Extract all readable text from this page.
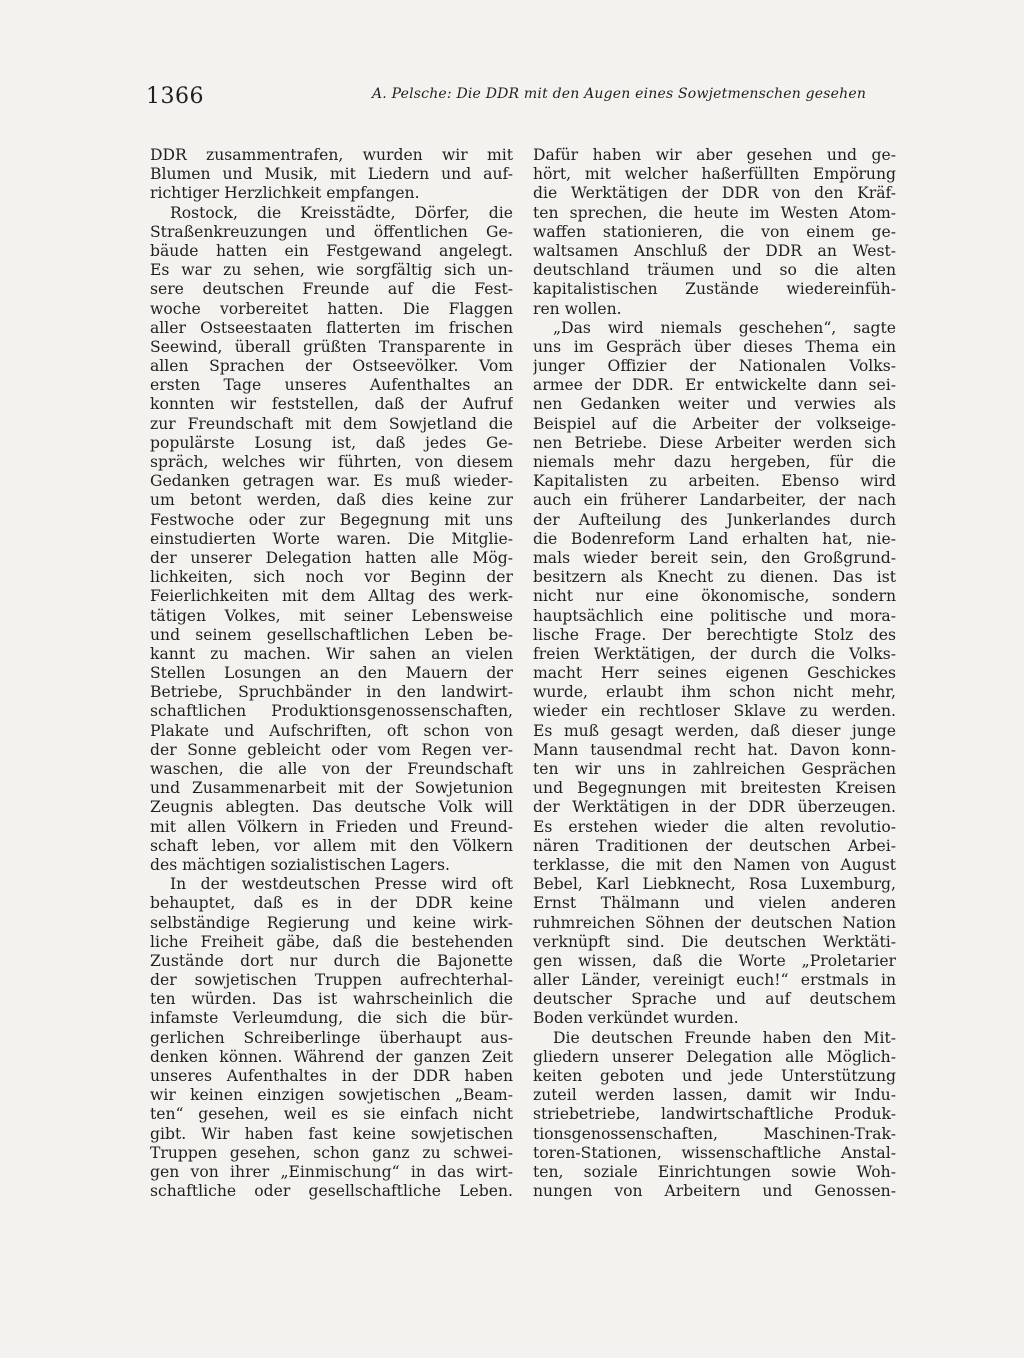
1366	A. Pelsche: Die DDR mit den Augen eines Sowjetmenschen gesehen
DDR zusammentrafen, wurden wir mit
Blumen und Musik, mit Liedern und auf-
richtiger Herzlichkeit empfangen.
Rostock, die Kreisstädte, Dörfer, die
Straßenkreuzungen und öffentlichen Ge-
bäude hatten ein Festgewand angelegt.
Es war zu sehen, wie sorgfältig sich un-
sere deutschen Freunde auf die Fest-
woche vorbereitet hatten. Die Flaggen
aller Ostseestaaten flatterten im frischen
Seewind, überall grüßten Transparente in
allen Sprachen der Ostseevölker. Vom
ersten Tage unseres Aufenthaltes an
konnten wir feststellen, daß der Aufruf
zur Freundschaft mit dem Sowjetland die
populärste Losung ist, daß jedes Ge-
spräch, welches wir führten, von diesem
Gedanken getragen war. Es muß wieder-
um betont werden, daß dies keine zur
Festwoche oder zur Begegnung mit uns
einstudierten Worte waren. Die Mitglie-
der unserer Delegation hatten alle Mög-
lichkeiten, sich noch vor Beginn der
Feierlichkeiten mit dem Alltag des werk-
tätigen Volkes, mit seiner Lebensweise
und seinem gesellschaftlichen Leben be-
kannt zu machen. Wir sahen an vielen
Stellen Losungen an den Mauern der
Betriebe, Spruchbänder in den landwirt-
schaftlichen Produktionsgenossenschaften,
Plakate und Aufschriften, oft schon von
der Sonne gebleicht oder vom Regen ver-
waschen, die alle von der Freundschaft
und Zusammenarbeit mit der Sowjetunion
Zeugnis ablegten. Das deutsche Volk will
mit allen Völkern in Frieden und Freund-
schaft leben, vor allem mit den Völkern
des mächtigen sozialistischen Lagers.
In der westdeutschen Presse wird oft
behauptet, daß es in der DDR keine
selbständige Regierung und keine wirk-
liche Freiheit gäbe, daß die bestehenden
Zustände dort nur durch die Bajonette
der sowjetischen Truppen aufrechterhal-
ten würden. Das ist wahrscheinlich die
infamste Verleumdung, die sich die bür-
gerlichen Schreiberlinge überhaupt aus-
denken können. Während der ganzen Zeit
unseres Aufenthaltes in der DDR haben
wir keinen einzigen sowjetischen „Beam-
ten“ gesehen, weil es sie einfach nicht
gibt. Wir haben fast keine sowjetischen
Truppen gesehen, schon ganz zu schwei-
gen von ihrer „Einmischung“ in das wirt-
schaftliche oder gesellschaftliche Leben.
Dafür haben wir aber gesehen und ge-
hört, mit welcher haßerfüllten Empörung
die Werktätigen der DDR von den Kräf-
ten sprechen, die heute im Westen Atom-
waffen stationieren, die von einem ge-
waltsamen Anschluß der DDR an West-
deutschland träumen und so die alten
kapitalistischen Zustände wiedereinfüh-
ren wollen.
„Das wird niemals geschehen“, sagte
uns im Gespräch über dieses Thema ein
junger Offizier der Nationalen Volks-
armee der DDR. Er entwickelte dann sei-
nen Gedanken weiter und verwies als
Beispiel auf die Arbeiter der volkseige-
nen Betriebe. Diese Arbeiter werden sich
niemals mehr dazu hergeben, für die
Kapitalisten zu arbeiten. Ebenso wird
auch ein früherer Landarbeiter, der nach
der Aufteilung des Junkerlandes durch
die Bodenreform Land erhalten hat, nie-
mals wieder bereit sein, den Großgrund-
besitzern als Knecht zu dienen. Das ist
nicht nur eine ökonomische, sondern
hauptsächlich eine politische und mora-
lische Frage. Der berechtigte Stolz des
freien Werktätigen, der durch die Volks-
macht Herr seines eigenen Geschickes
wurde, erlaubt ihm schon nicht mehr,
wieder ein rechtloser Sklave zu werden.
Es muß gesagt werden, daß dieser junge
Mann tausendmal recht hat. Davon konn-
ten wir uns in zahlreichen Gesprächen
und Begegnungen mit breitesten Kreisen
der Werktätigen in der DDR überzeugen.
Es erstehen wieder die alten revolutio-
nären Traditionen der deutschen Arbei-
terklasse, die mit den Namen von August
Bebel, Karl Liebknecht, Rosa Luxemburg,
Ernst Thälmann und vielen anderen
ruhmreichen Söhnen der deutschen Nation
verknüpft sind. Die deutschen Werktäti-
gen wissen, daß die Worte „Proletarier
aller Länder, vereinigt euch!“ erstmals in
deutscher Sprache und auf deutschem
Boden verkündet wurden.
Die deutschen Freunde haben den Mit-
gliedern unserer Delegation alle Möglich-
keiten geboten und jede Unterstützung
zuteil werden lassen, damit wir Indu-
striebetriebe, landwirtschaftliche Produk-
tionsgenossenschaften, Maschinen-Trak-
toren-Stationen, wissenschaftliche Anstal-
ten, soziale Einrichtungen sowie Woh-
nungen von Arbeitern und Genossen-
